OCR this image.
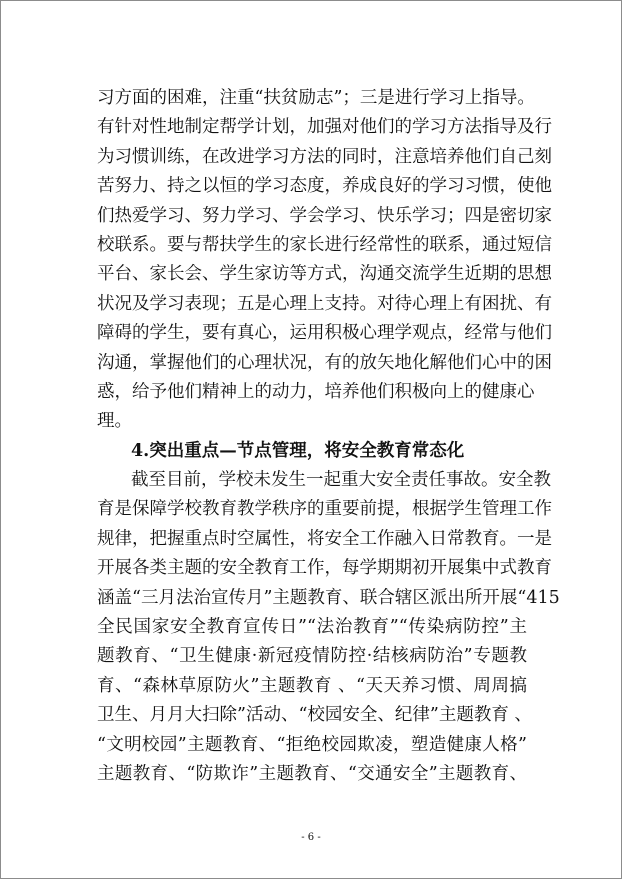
习方面的困难，注重“扶贫励志”；三是进行学习上指导。
有针对性地制定帮学计划，加强对他们的学习方法指导及行
为习惯训练，在改进学习方法的同时，注意培养他们自己刻
苦努力、持之以恒的学习态度，养成良好的学习习惯，使他
们热爱学习、努力学习、学会学习、快乐学习；四是密切家
校联系。要与帮扶学生的家长进行经常性的联系，通过短信
平台、家长会、学生家访等方式，沟通交流学生近期的思想
状况及学习表现；五是心理上支持。对待心理上有困扰、有
障碍的学生，要有真心，运用积极心理学观点，经常与他们
沟通，掌握他们的心理状况，有的放矢地化解他们心中的困
惑，给予他们精神上的动力，培养他们积极向上的健康心
理。
4.突出重点—节点管理，将安全教育常态化
截至目前，学校未发生一起重大安全责任事故。安全教
育是保障学校教育教学秩序的重要前提，根据学生管理工作
规律，把握重点时空属性，将安全工作融入日常教育。一是
开展各类主题的安全教育工作，每学期期初开展集中式教育
涵盖“三月法治宣传月”主题教育、联合辖区派出所开展“415
全民国家安全教育宣传日”“法治教育”“传染病防控”主
题教育、“卫生健康·新冠疫情防控·结核病防治”专题教
育、“森林草原防火”主题教育 、“天天养习惯、周周搞
卫生、月月大扫除”活动、“校园安全、纪律”主题教育 、
“文明校园”主题教育、“拒绝校园欺凌，塑造健康人格”
主题教育、“防欺诈”主题教育、“交通安全”主题教育、
- 6 -
